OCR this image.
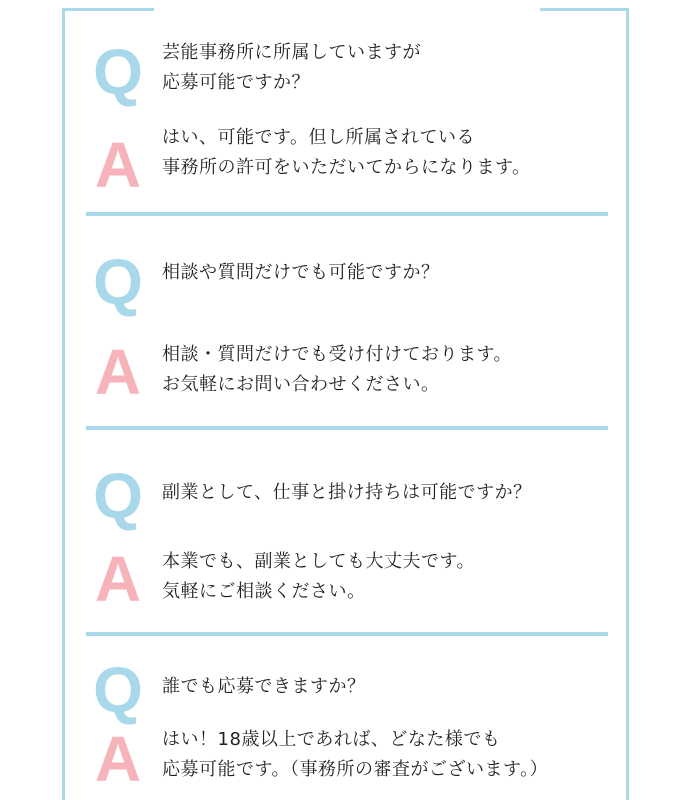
Q 芸能事務所に所属していますが
応募可能ですか？
A	はい、可能です。但し所属されている
事務所の許可をいただいてからになります。
Q 相談や質問だけでも可能ですか？
A	相談・質問だけでも受け付けております。
お気軽にお問い合わせください。
Q 副業として、仕事と掛け持ちは可能ですか？
A	本業でも、副業としても大丈夫です。
気軽にご相談ください。
Q 誰でも応募できますか？
A	はい！18歳以上であれば、どなた様でも
応募可能です。（事務所の審査がございます。）
